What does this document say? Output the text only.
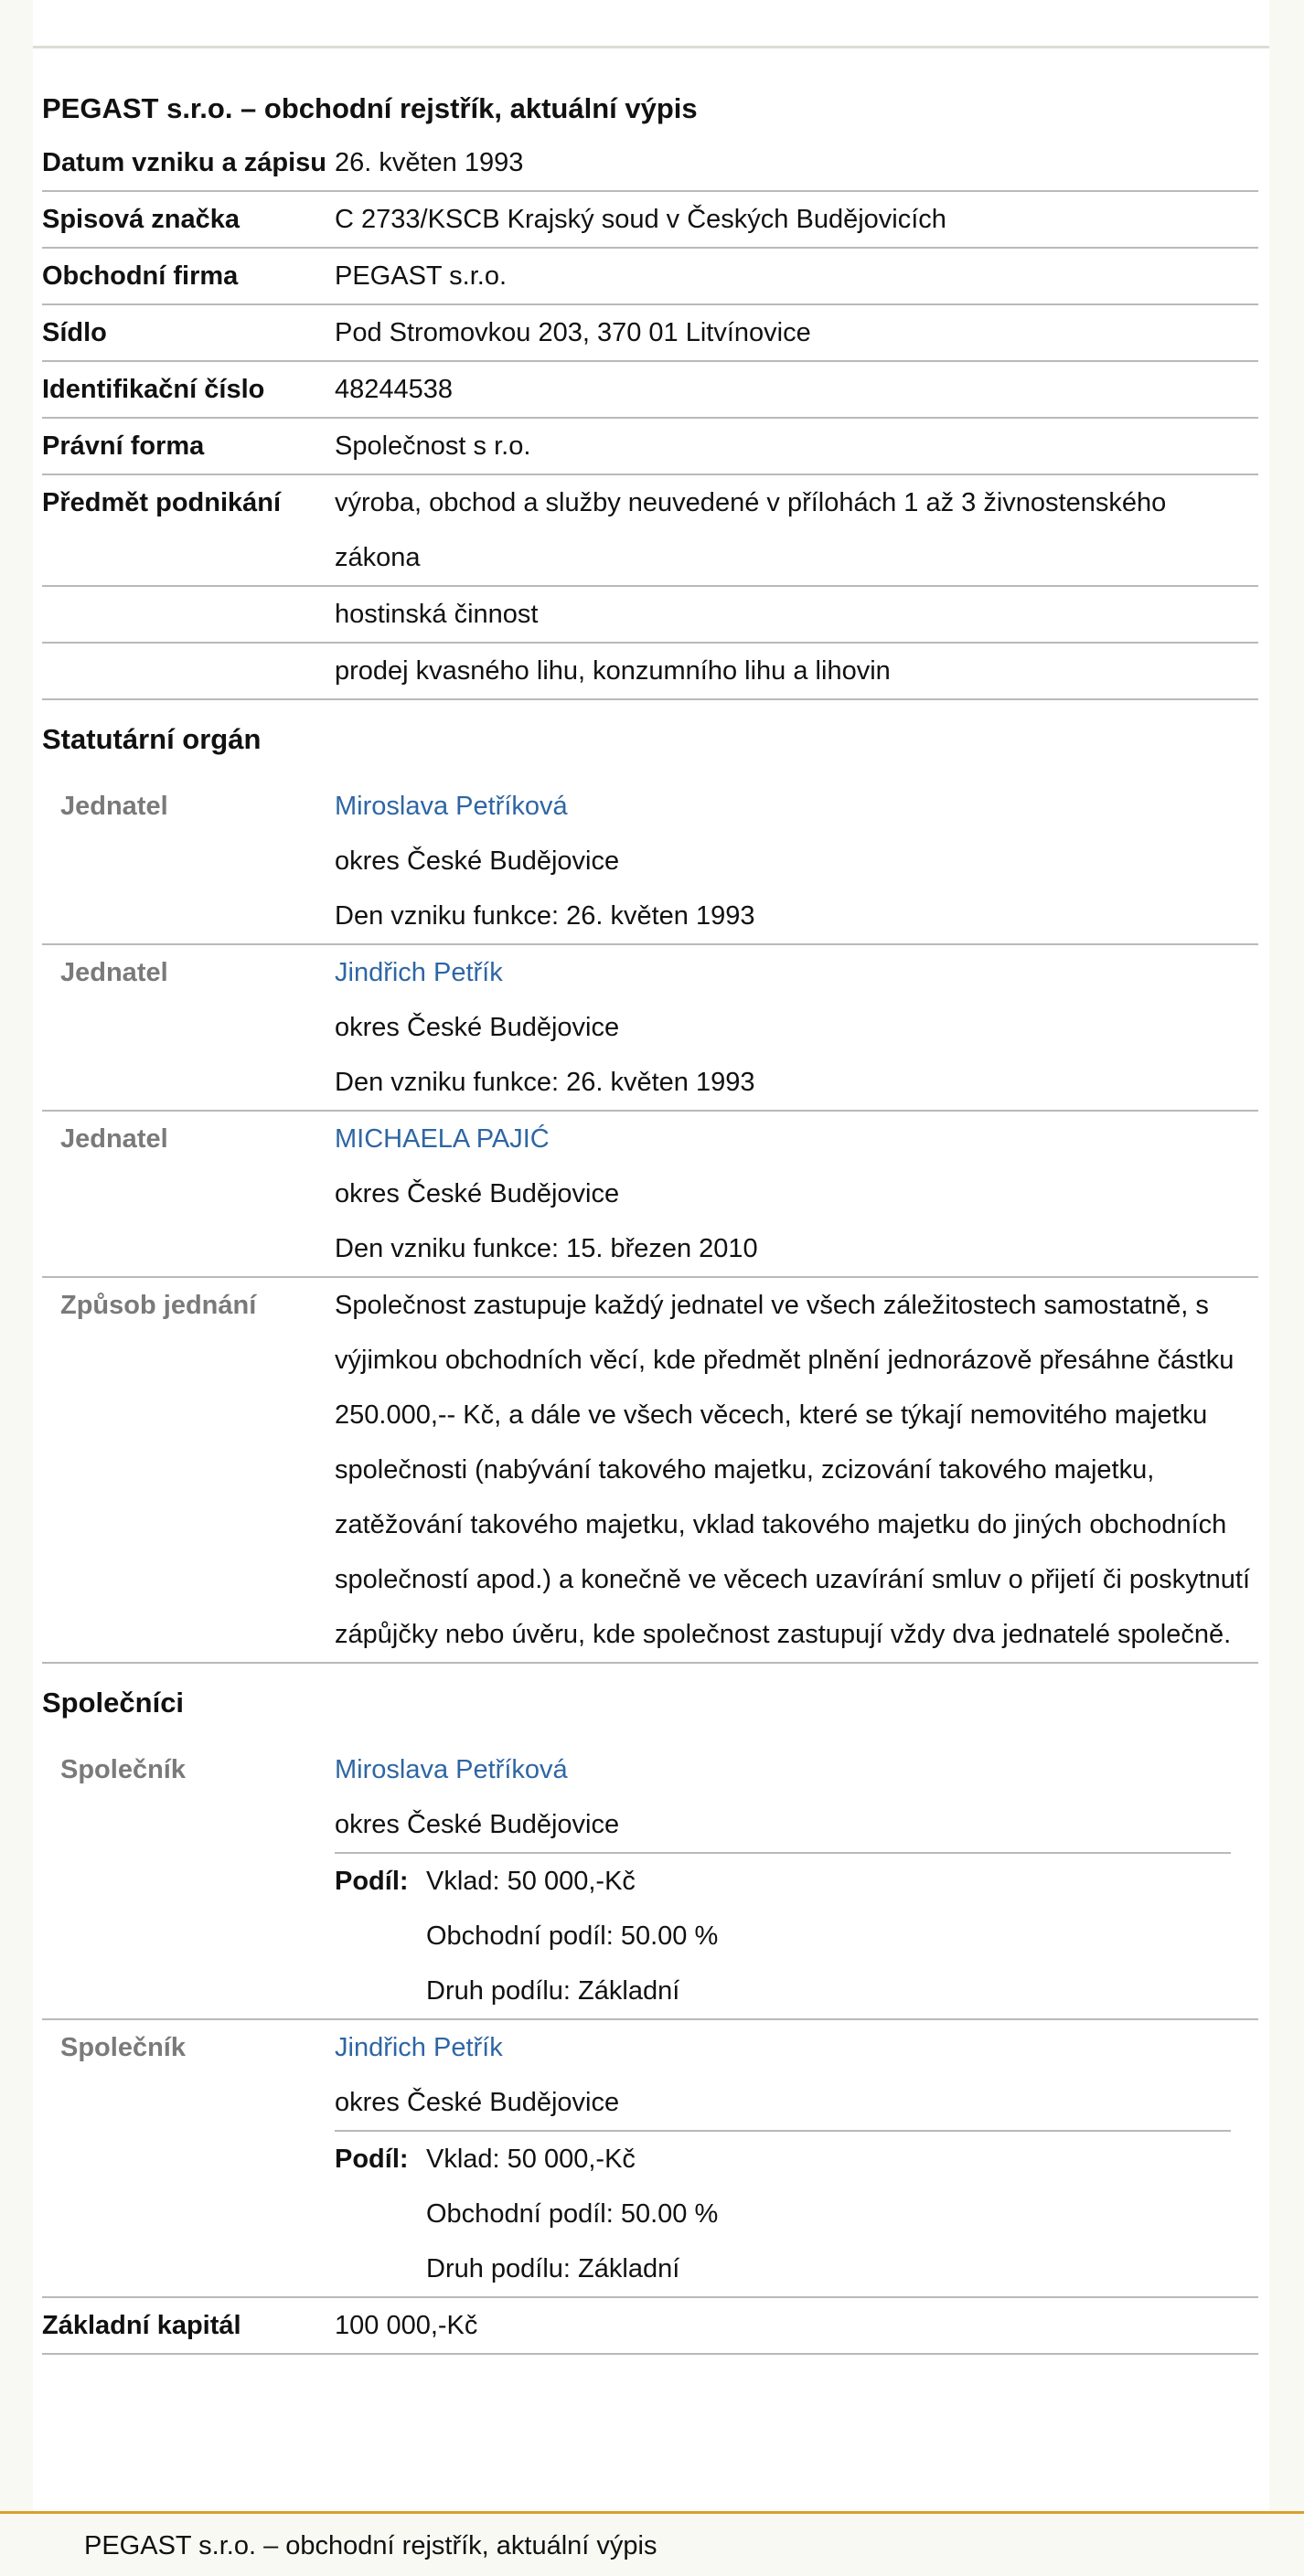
PEGAST s.r.o. – obchodní rejstřík, aktuální výpis
Datum vzniku a zápisu 26. květen 1993
Spisová značka	C 2733/KSCB Krajský soud v Českých Budějovicích
Obchodní firma	PEGAST s.r.o.
Sídlo	Pod Stromovkou 203, 370 01 Litvínovice
Identifikační číslo	48244538
Právní forma	Společnost s r.o.
Předmět podnikání	výroba, obchod a služby neuvedené v přílohách 1 až 3 živnostenského zákona
hostinská činnost
prodej kvasného lihu, konzumního lihu a lihovin
Statutární orgán
Jednatel	Miroslava Petříková
okres České Budějovice
Den vzniku funkce: 26. květen 1993
Jednatel	Jindřich Petřík
okres České Budějovice
Den vzniku funkce: 26. květen 1993
Jednatel	MICHAELA PAJIĆ
okres České Budějovice
Den vzniku funkce: 15. březen 2010
Způsob jednání	Společnost zastupuje každý jednatel ve všech záležitostech samostatně, s výjimkou obchodních věcí, kde předmět plnění jednorázově přesáhne částku 250.000,-- Kč, a dále ve všech věcech, které se týkají nemovitého majetku společnosti (nabývání takového majetku, zcizování takového majetku, zatěžování takového majetku, vklad takového majetku do jiných obchodních společností apod.) a konečně ve věcech uzavírání smluv o přijetí či poskytnutí zápůjčky nebo úvěru, kde společnost zastupují vždy dva jednatelé společně.
Společníci
Společník	Miroslava Petříková
okres České Budějovice
Podíl: Vklad: 50 000,-Kč
Obchodní podíl: 50.00 %
Druh podílu: Základní
Společník	Jindřich Petřík
okres České Budějovice
Podíl: Vklad: 50 000,-Kč
Obchodní podíl: 50.00 %
Druh podílu: Základní
Základní kapitál	100 000,-Kč
PEGAST s.r.o. – obchodní rejstřík, aktuální výpis
